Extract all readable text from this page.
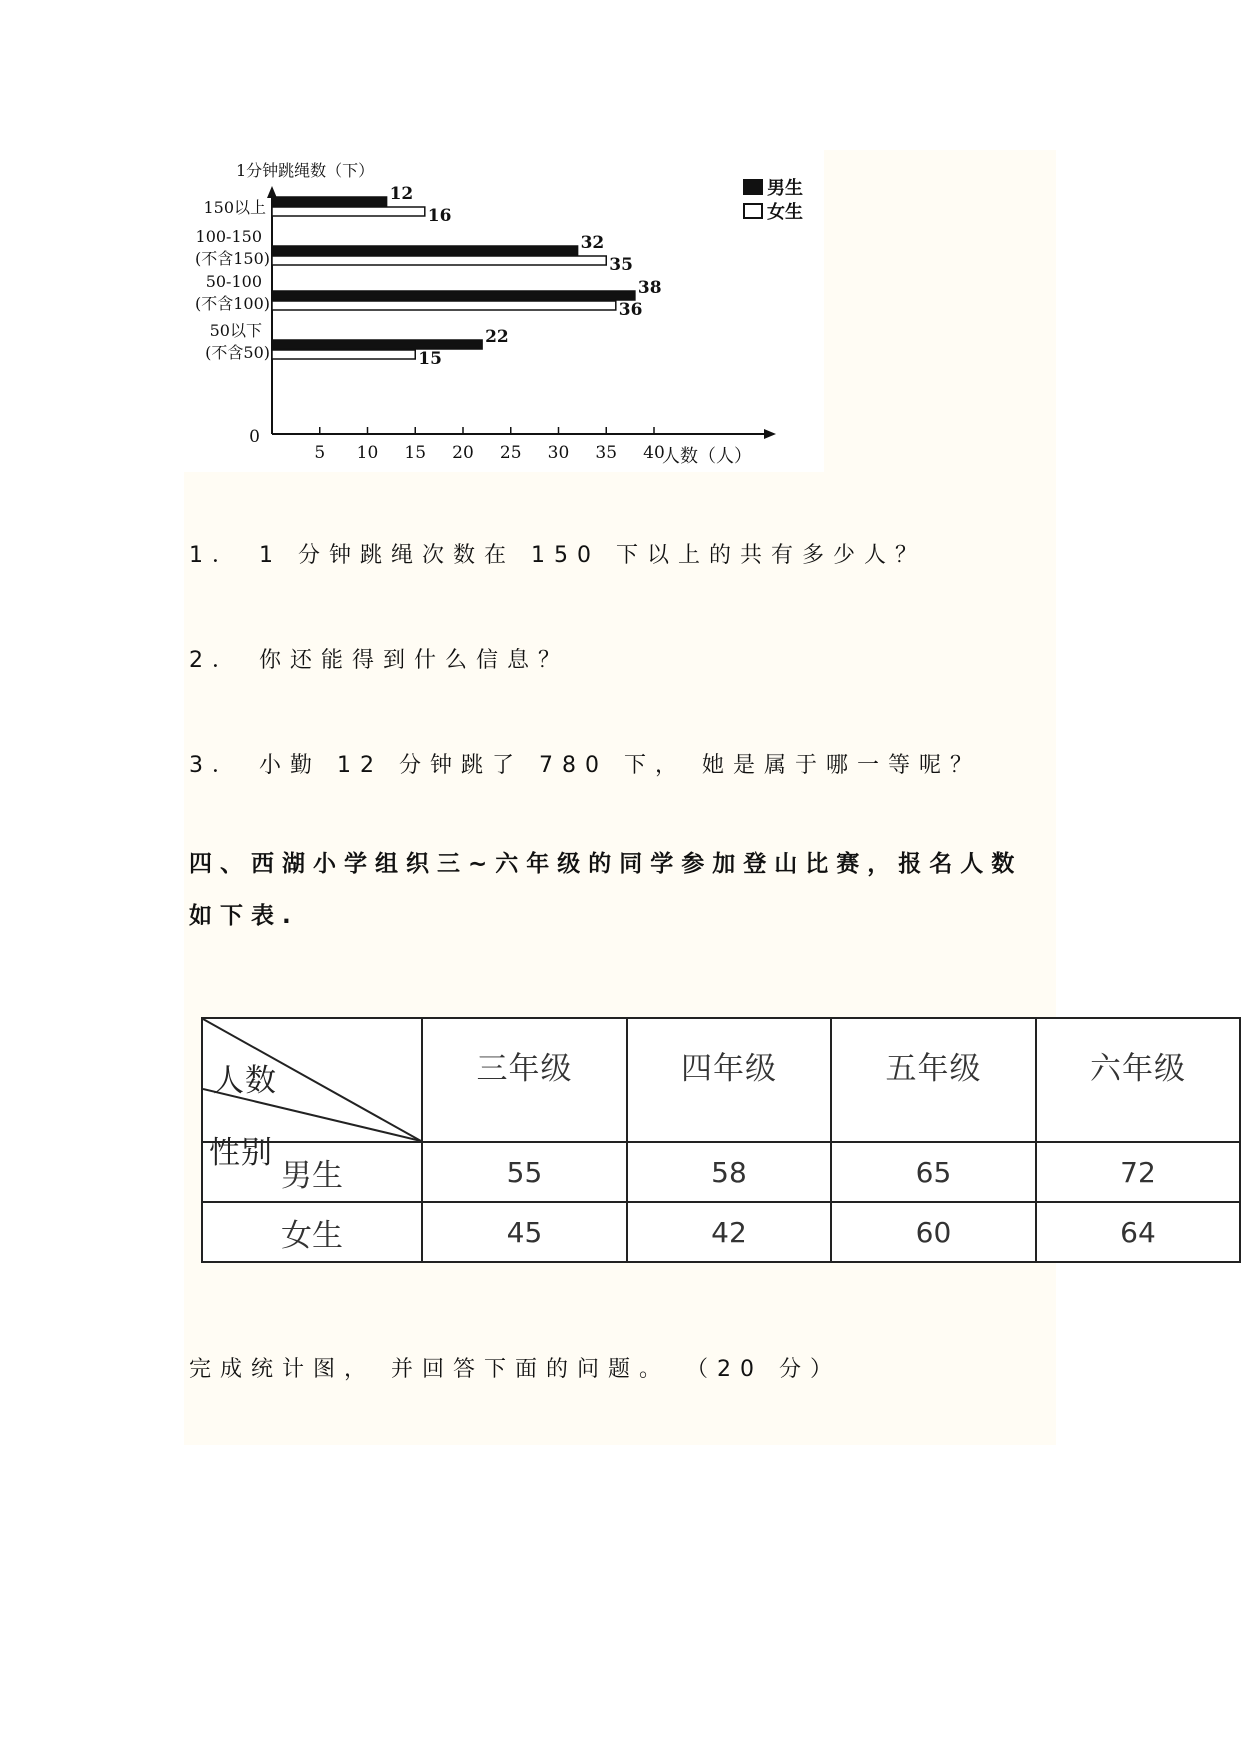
1分钟跳绳数（下）
人数（人）
0
5 10 15 20 25 30 35 40
150以上
100-150
(不含150)
50-100
(不含100)
50以下
(不含50)
12
32
38
22
16
35
36
15
男生
女生
1． 1 分钟跳绳次数在 150 下以上的共有多少人？
2． 你还能得到什么信息？
3． 小勤 12 分钟跳了 780 下， 她是属于哪一等呢？
四、西湖小学组织三~六年级的同学参加登山比赛，报名人数
如下表.
人数
性别	三年级	四年级	五年级	六年级

男生	55	58	65	72
女生	45	42	60	64
完成统计图， 并回答下面的问题。 （20 分）
